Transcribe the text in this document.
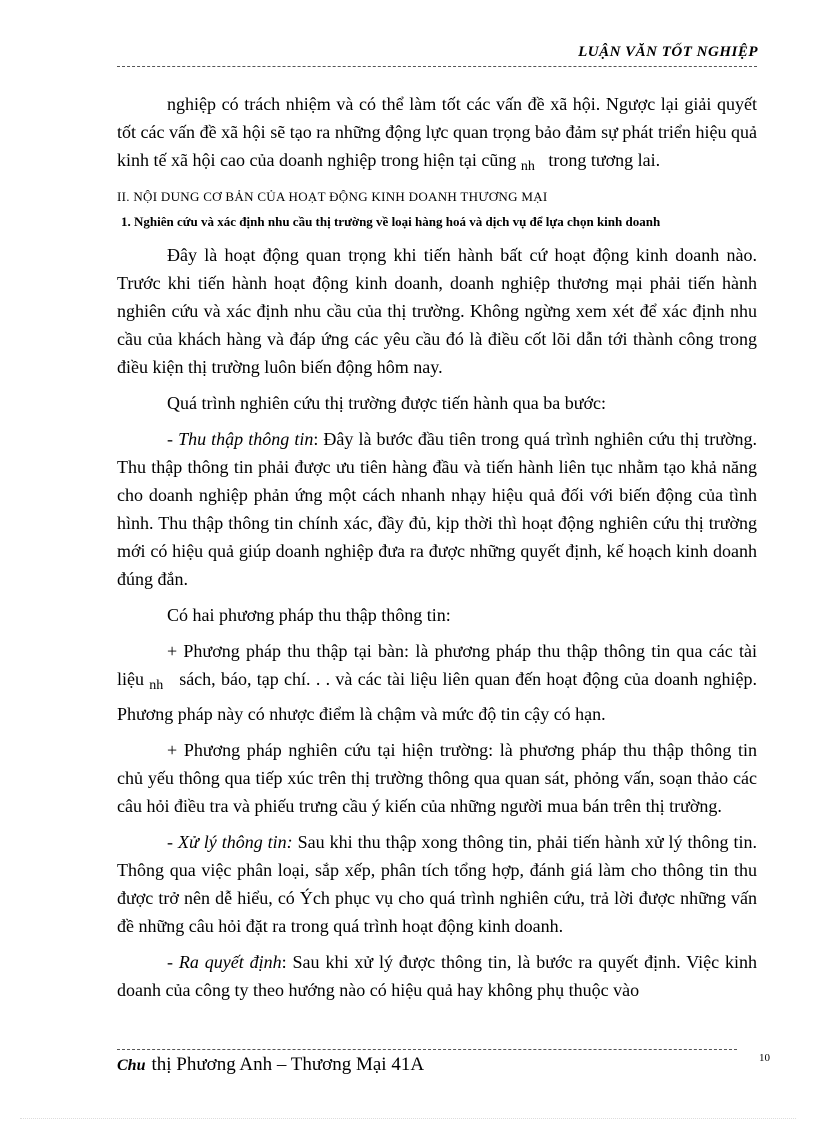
LUẬN VĂN TỐT NGHIỆP

nghiệp có trách nhiệm và có thể làm tốt các vấn đề xã hội. Ngược lại giải quyết tốt các vấn đề xã hội sẽ tạo ra những động lực quan trọng bảo đảm sự phát triển hiệu quả kinh tế xã hội cao của doanh nghiệp trong hiện tại cũng $_{nh}$ trong tương lai.

II. NỘI DUNG CƠ BẢN CỦA HOẠT ĐỘNG KINH DOANH THƯƠNG MẠI

1. Nghiên cứu và xác định nhu cầu thị trường về loại hàng hoá và dịch vụ để lựa chọn kinh doanh

Đây là hoạt động quan trọng khi tiến hành bất cứ hoạt động kinh doanh nào. Trước khi tiến hành hoạt động kinh doanh, doanh nghiệp thương mại phải tiến hành nghiên cứu và xác định nhu cầu của thị trường. Không ngừng xem xét để xác định nhu cầu của khách hàng và đáp ứng các yêu cầu đó là điều cốt lõi dẫn tới thành công trong điều kiện thị trường luôn biến động hôm nay.

Quá trình nghiên cứu thị trường được tiến hành qua ba bước:

- Thu thập thông tin: Đây là bước đầu tiên trong quá trình nghiên cứu thị trường. Thu thập thông tin phải được ưu tiên hàng đầu và tiến hành liên tục nhằm tạo khả năng cho doanh nghiệp phản ứng một cách nhanh nhạy hiệu quả đối với biến động của tình hình. Thu thập thông tin chính xác, đầy đủ, kịp thời thì hoạt động nghiên cứu thị trường mới có hiệu quả giúp doanh nghiệp đưa ra được những quyết định, kế hoạch kinh doanh đúng đắn.

Có hai phương pháp thu thập thông tin:

+ Phương pháp thu thập tại bàn: là phương pháp thu thập thông tin qua các tài liệu $_{nh}$ sách, báo, tạp chí. . . và các tài liệu liên quan đến hoạt động của doanh nghiệp. Phương pháp này có nhược điểm là chậm và mức độ tin cậy có hạn.

+ Phương pháp nghiên cứu tại hiện trường: là phương pháp thu thập thông tin chủ yếu thông qua tiếp xúc trên thị trường thông qua quan sát, phỏng vấn, soạn thảo các câu hỏi điều tra và phiếu trưng cầu ý kiến của những người mua bán trên thị trường.

- Xử lý thông tin: Sau khi thu thập xong thông tin, phải tiến hành xử lý thông tin. Thông qua việc phân loại, sắp xếp, phân tích tổng hợp, đánh giá làm cho thông tin thu được trở nên dễ hiểu, có Ých phục vụ cho quá trình nghiên cứu, trả lời được những vấn đề những câu hỏi đặt ra trong quá trình hoạt động kinh doanh.

- Ra quyết định: Sau khi xử lý được thông tin, là bước ra quyết định. Việc kinh doanh của công ty theo hướng nào có hiệu quả hay không phụ thuộc vào

Chu thị Phương Anh – Thương Mại 41A	10
